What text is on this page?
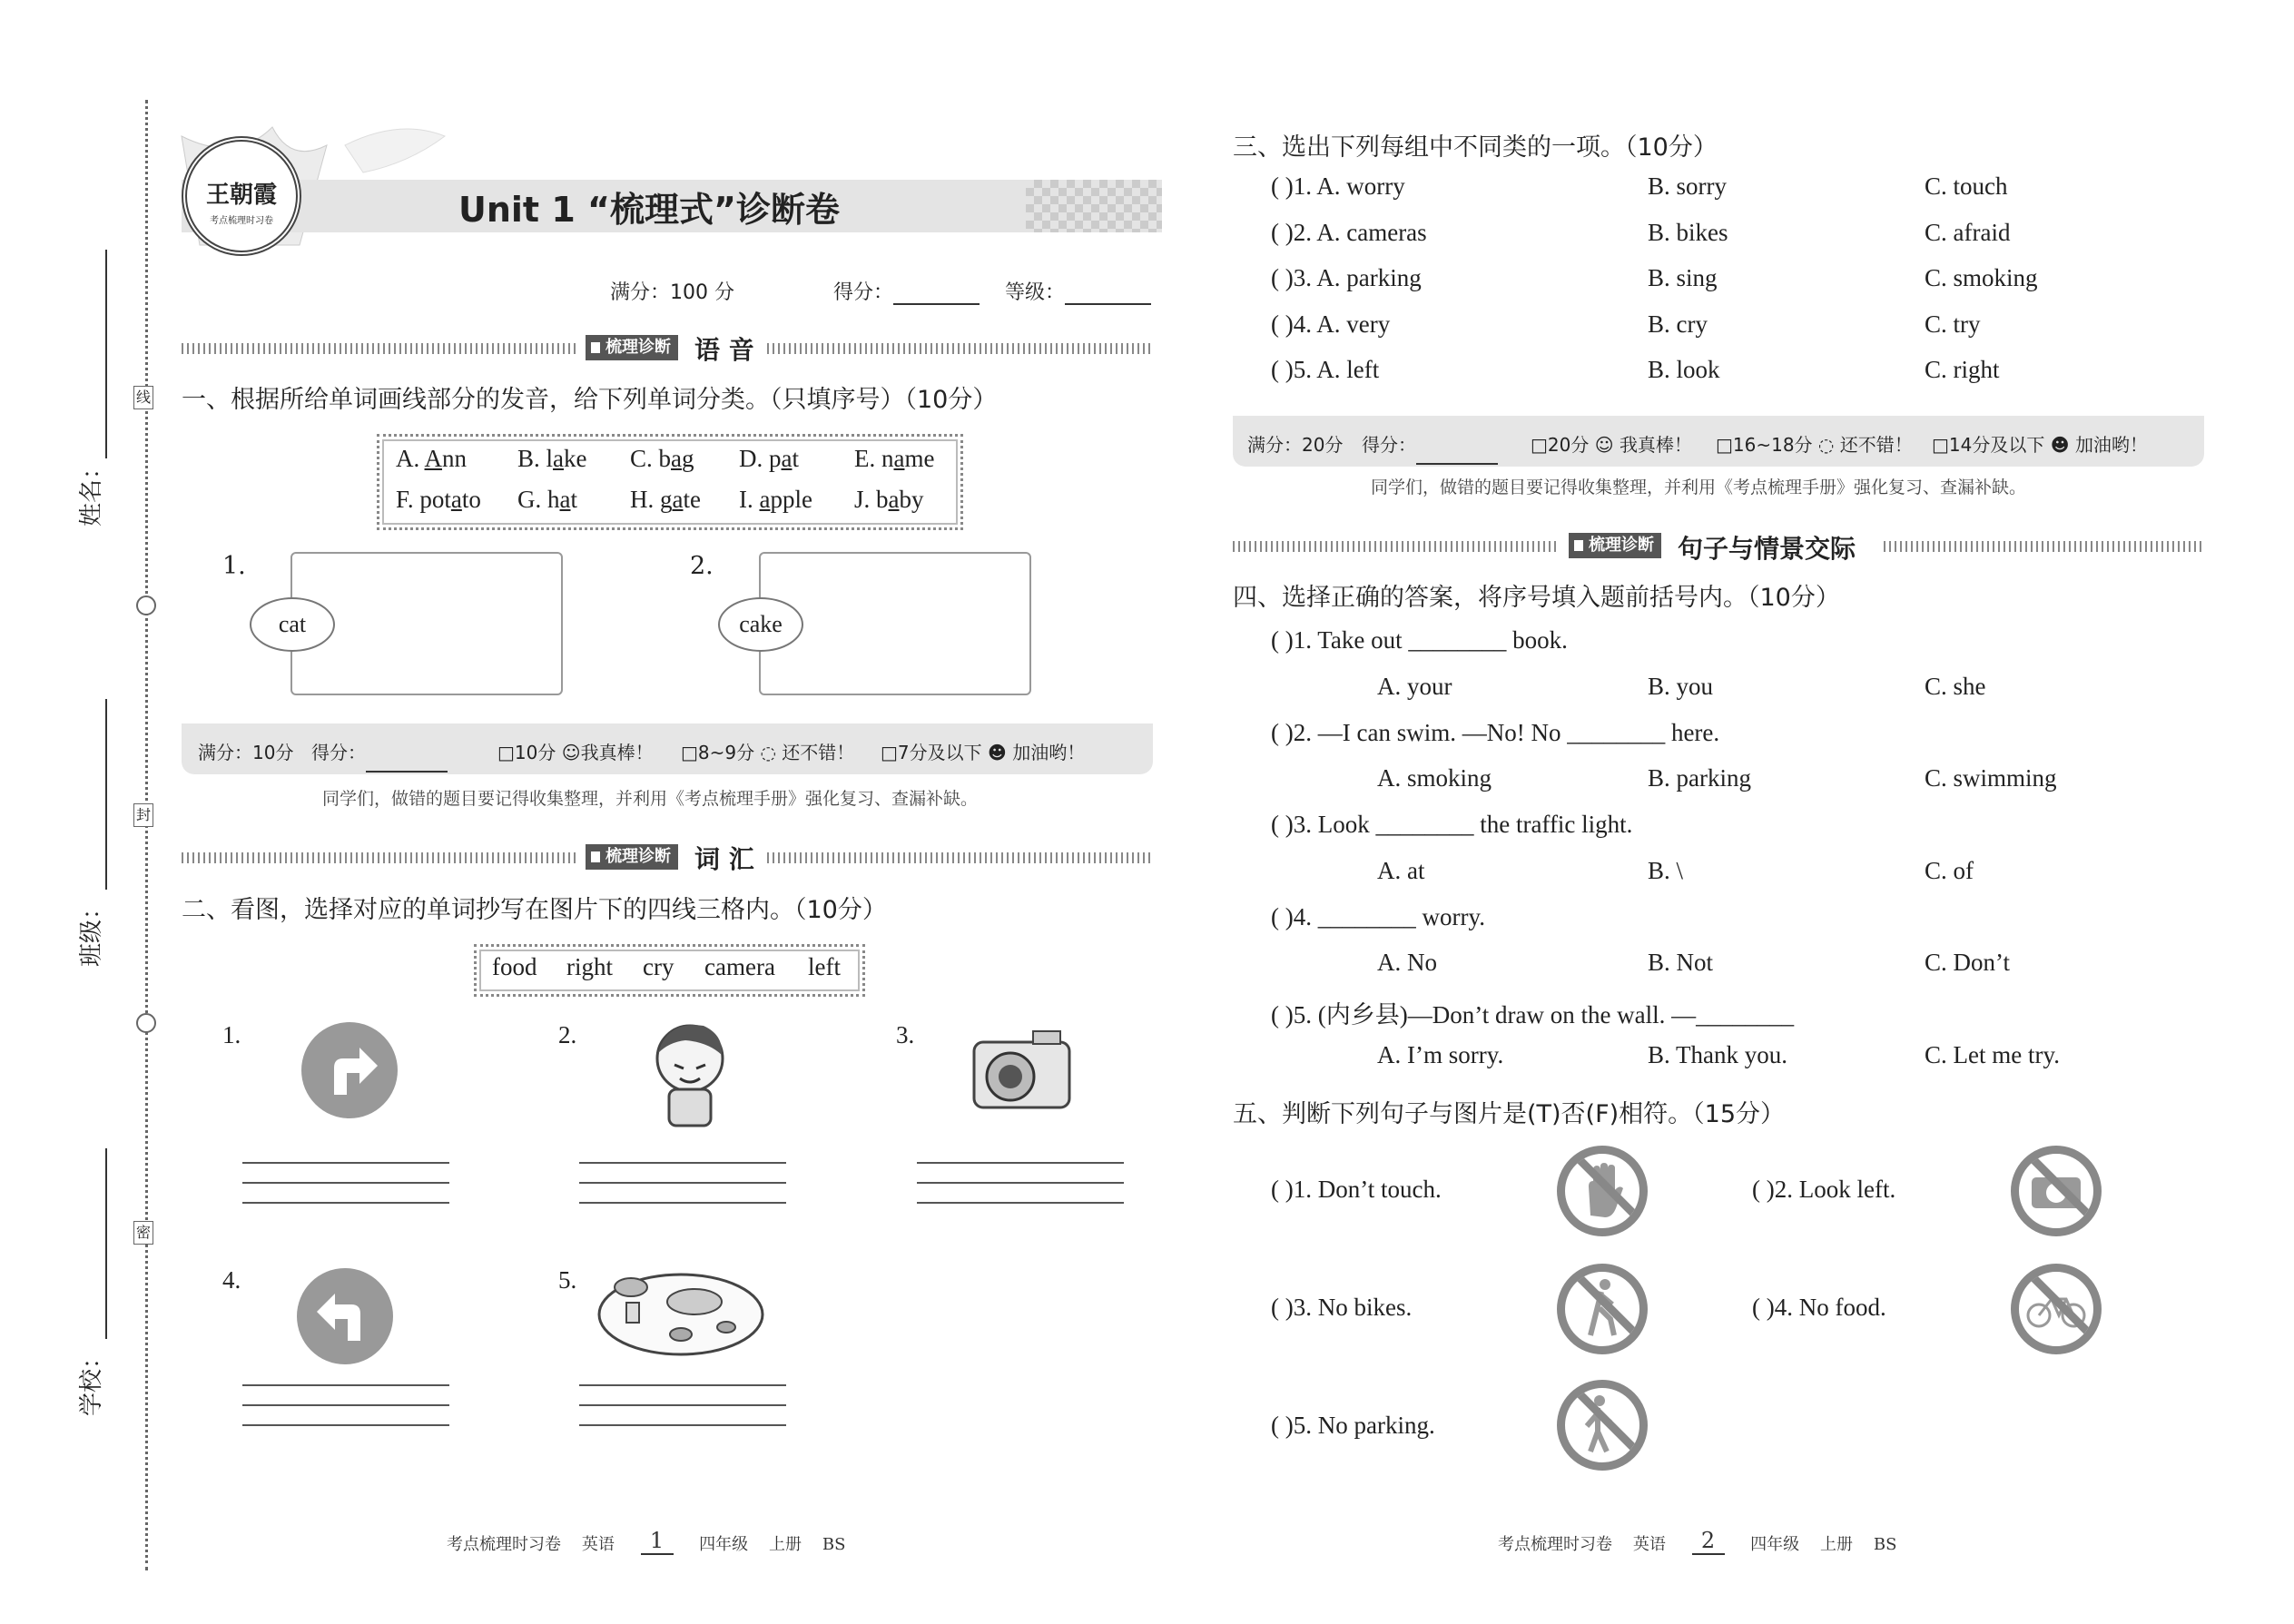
线
封
密
姓名：
班级：
学校：
王朝霞
考点梳理时习卷	Unit 1 “梳理式”诊断卷
满分：100 分	得分：	等级：
梳理诊断 语 音
一、根据所给单词画线部分的发音，给下列单词分类。（只填序号）（10分）
A. Ann B. lake C. bag D. pat E. name
F. potato G. hat H. gate I. apple J. baby
1.
cat
2.
cake
满分：10分 得分：	□10分 ☺我真棒！ □8~9分 ◌ 还不错！ □7分及以下 ☻ 加油哟！
同学们，做错的题目要记得收集整理，并利用《考点梳理手册》强化复习、查漏补缺。
梳理诊断 词 汇
二、看图，选择对应的单词抄写在图片下的四线三格内。（10分）
food right cry camera left
1.	2.	3.
4.	5.
考点梳理时习卷 英语 1 四年级 上册 BS
三、选出下列每组中不同类的一项。（10分）
( )1. A. worry	B. sorry	C. touch
( )2. A. cameras	B. bikes	C. afraid
( )3. A. parking	B. sing	C. smoking
( )4. A. very	B. cry	C. try
( )5. A. left	B. look	C. right
满分：20分 得分：	□20分 ☺ 我真棒！ □16~18分 ◌ 还不错！ □14分及以下 ☻ 加油哟！
同学们，做错的题目要记得收集整理，并利用《考点梳理手册》强化复习、查漏补缺。
梳理诊断 句子与情景交际
四、选择正确的答案，将序号填入题前括号内。（10分）
( )1. Take out ________ book.
A. your	B. you	C. she
( )2. —I can swim. —No! No ________ here.
A. smoking	B. parking	C. swimming
( )3. Look ________ the traffic light.
A. at	B. \	C. of
( )4. ________ worry.
A. No	B. Not	C. Don’t
( )5. (内乡县)—Don’t draw on the wall. —________
A. I’m sorry.	B. Thank you.	C. Let me try.
五、判断下列句子与图片是(T)否(F)相符。（15分）
( )1. Don’t touch.	( )2. Look left.
( )3. No bikes.	( )4. No food.
( )5. No parking.
考点梳理时习卷 英语 2 四年级 上册 BS
